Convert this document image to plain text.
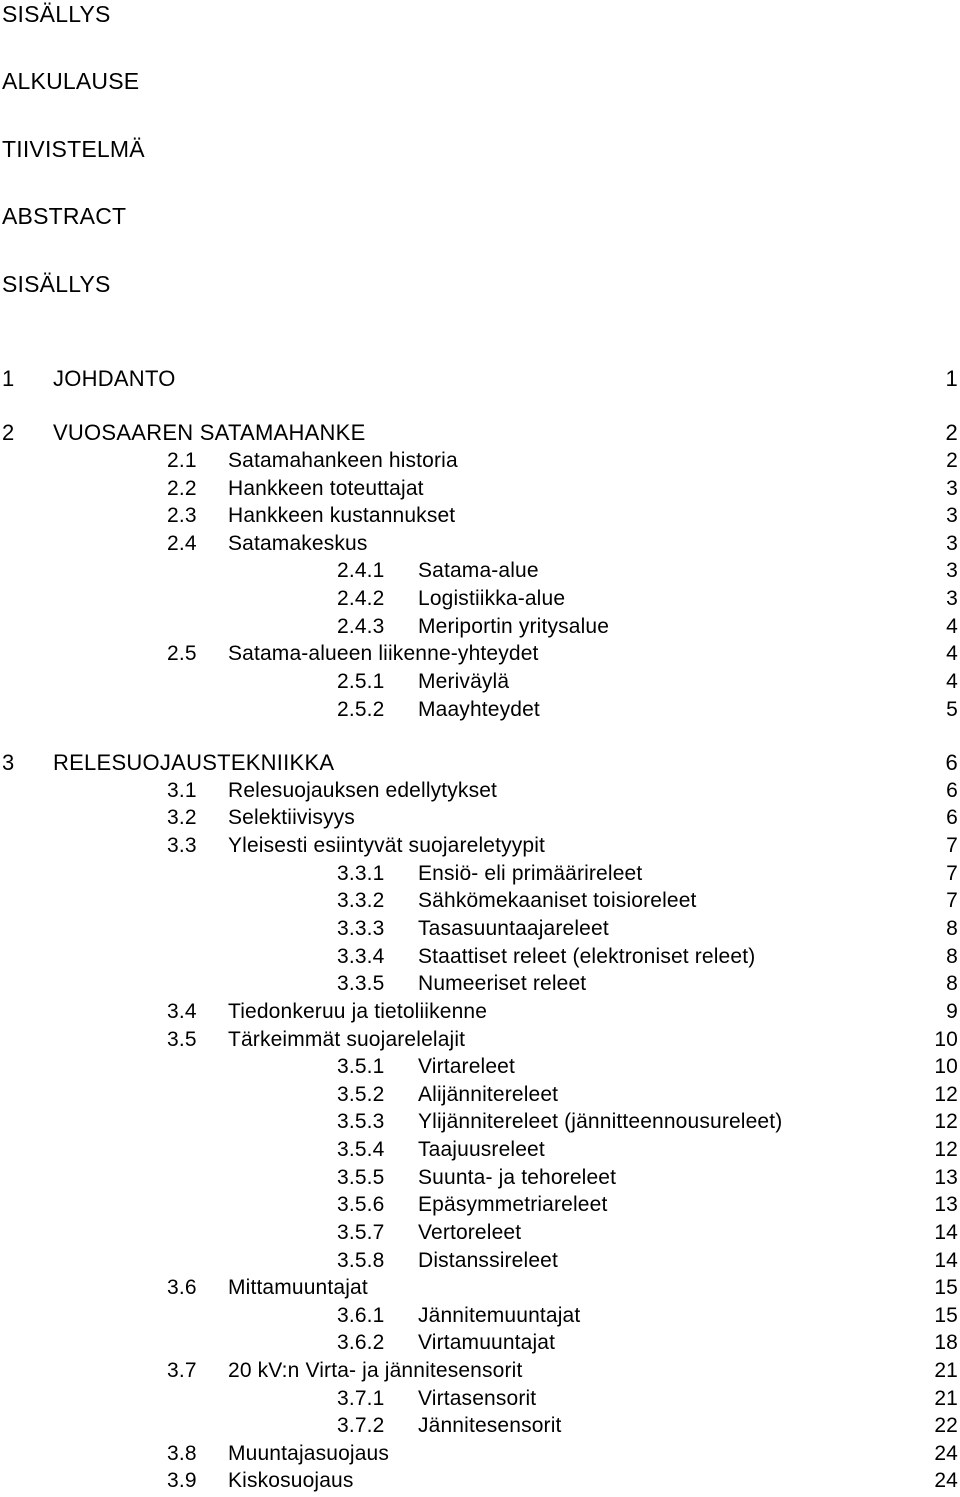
SISÄLLYS
ALKULAUSE
TIIVISTELMÄ
ABSTRACT
SISÄLLYS
1 JOHDANTO	1
2 VUOSAAREN SATAMAHANKE	2
2.1 Satamahankeen historia	2
2.2 Hankkeen toteuttajat	3
2.3 Hankkeen kustannukset	3
2.4 Satamakeskus	3
2.4.1 Satama-alue	3
2.4.2 Logistiikka-alue	3
2.4.3 Meriportin yritysalue	4
2.5 Satama-alueen liikenne-yhteydet	4
2.5.1 Meriväylä	4
2.5.2 Maayhteydet	5
3 RELESUOJAUSTEKNIIKKA	6
3.1 Relesuojauksen edellytykset	6
3.2 Selektiivisyys	6
3.3 Yleisesti esiintyvät suojareletyypit	7
3.3.1 Ensiö- eli primäärireleet	7
3.3.2 Sähkömekaaniset toisioreleet	7
3.3.3 Tasasuuntaajareleet	8
3.3.4 Staattiset releet (elektroniset releet)	8
3.3.5 Numeeriset releet	8
3.4 Tiedonkeruu ja tietoliikenne	9
3.5 Tärkeimmät suojarelelajit	10
3.5.1 Virtareleet	10
3.5.2 Alijännitereleet	12
3.5.3 Ylijännitereleet (jännitteennousureleet)	12
3.5.4 Taajuusreleet	12
3.5.5 Suunta- ja tehoreleet	13
3.5.6 Epäsymmetriareleet	13
3.5.7 Vertoreleet	14
3.5.8 Distanssireleet	14
3.6 Mittamuuntajat	15
3.6.1 Jännitemuuntajat	15
3.6.2 Virtamuuntajat	18
3.7 20 kV:n Virta- ja jännitesensorit	21
3.7.1 Virtasensorit	21
3.7.2 Jännitesensorit	22
3.8 Muuntajasuojaus	24
3.9 Kiskosuojaus	24
